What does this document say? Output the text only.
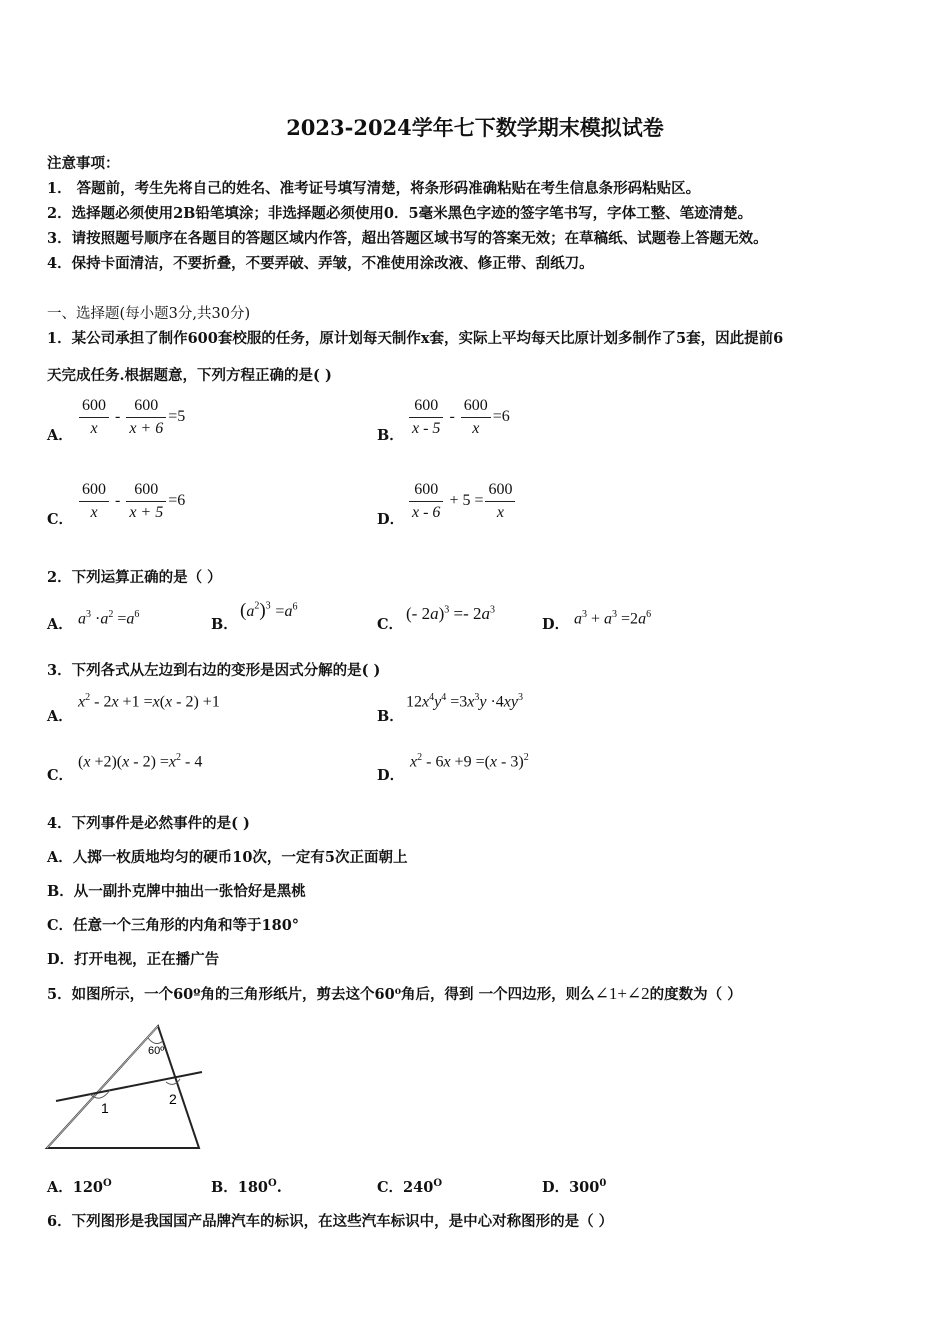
2023-2024学年七下数学期末模拟试卷
注意事项：
1． 答题前，考生先将自己的姓名、准考证号填写清楚，将条形码准确粘贴在考生信息条形码粘贴区。
2．选择题必须使用2B铅笔填涂；非选择题必须使用0．5毫米黑色字迹的签字笔书写，字体工整、笔迹清楚。
3．请按照题号顺序在各题目的答题区域内作答，超出答题区域书写的答案无效；在草稿纸、试题卷上答题无效。
4．保持卡面清洁，不要折叠，不要弄破、弄皱，不准使用涂改液、修正带、刮纸刀。
一、选择题(每小题3分,共30分)
1．某公司承担了制作600套校服的任务，原计划每天制作x套，实际上平均每天比原计划多制作了5套，因此提前6
天完成任务.根据题意，下列方程正确的是( )
A． $\frac{600}{x} - \frac{600}{x + 6} =5$
B． $\frac{600}{x - 5} - \frac{600}{x} =6$
C． $\frac{600}{x} - \frac{600}{x + 5} =6$
D． $\frac{600}{x - 6} + 5 = \frac{600}{x}$
2．下列运算正确的是（ ）
A． $a^3 \cdot a^2 =a^6$
B．
$(a^2)^3 =a^6$
C．
(- $2a)^3 =- 2a^3$
D． $a^3 + a^3 =2a^6$
3．下列各式从左边到右边的变形是因式分解的是( )
A．
$x^2 - 2x +1 =x(x - 2) +1$
B．
$12x^4y^4 =3x^3y \cdot 4xy^3$
C．
$(x +2)(x - 2) =x^2 - 4$
D．
$x^2 - 6x +9 =(x - 3)^2$
4．下列事件是必然事件的是( )
A．人掷一枚质地均匀的硬币10次，一定有5次正面朝上
B．从一副扑克牌中抽出一张恰好是黑桃
C．任意一个三角形的内角和等于180°
D．打开电视，正在播广告
5．如图所示，一个60º角的三角形纸片，剪去这个60⁰角后，得到 一个四边形，则么∠1+∠2的度数为（ ）
60º
1
2
A．$120^O$	B．$180^O$.	C．$240^O$	D．$300^0$
6．下列图形是我国国产品牌汽车的标识，在这些汽车标识中，是中心对称图形的是（ ）
